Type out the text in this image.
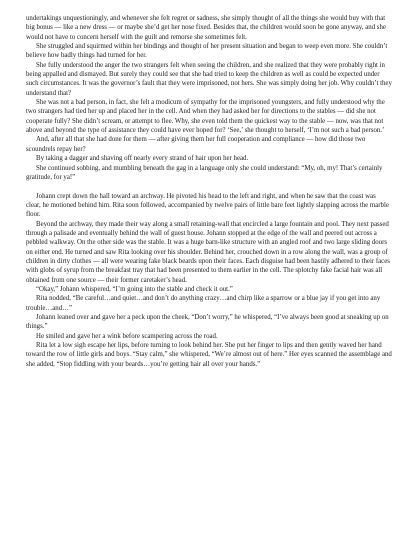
undertakings unquestioningly, and whenever she felt regret or sadness, she simply thought of all the things she would buy with that big bonus — like a new dress — or maybe she’d get her nose fixed. Besides that, the children would soon be gone anyway, and she would not have to concern herself with the guilt and remorse she sometimes felt.

She struggled and squirmed within her bindings and thought of her present situation and began to weep even more. She couldn’t believe how badly things had turned for her.

She fully understood the anger the two strangers felt when seeing the children, and she realized that they were probably right in being appalled and dismayed. But surely they could see that she had tried to keep the children as well as could be expected under such circumstances. It was the governor’s fault that they were imprisoned, not hers. She was simply doing her job. Why couldn’t they understand that?

She was not a bad person, in fact, she felt a modicum of sympathy for the imprisoned youngsters, and fully understood why the two strangers had tied her up and placed her in the cell. And when they had asked her for directions to the stables — did she not cooperate fully? She didn’t scream, or attempt to flee. Why, she even told them the quickest way to the stable — now, was that not above and beyond the type of assistance they could have ever hoped for? ‘See,’ she thought to herself, ‘I’m not such a bad person.’

And, after all that she had done for them — after giving them her full cooperation and compliance — how did those two scoundrels repay her?

By taking a dagger and shaving off nearly every strand of hair upon her head.

She continued sobbing, and mumbling beneath the gag in a language only she could understand: “My, oh, my! That’s certainly gratitude, for ya!”

Johann crept down the hall toward an archway. He pivoted his head to the left and right, and when he saw that the coast was clear, he motioned behind him. Rita soon followed, accompanied by twelve pairs of little bare feet lightly slapping across the marble floor.

Beyond the archway, they made their way along a small retaining-wall that encircled a large fountain and pool. They next passed through a palisade and eventually behind the wall of guest house. Johann stopped at the edge of the wall and peered out across a pebbled walkway. On the other side was the stable. It was a huge barn-like structure with an angled roof and two large sliding doors on either end. He turned and saw Rita looking over his shoulder. Behind her, crouched down in a row along the wall, was a group of children in dirty clothes — all were wearing fake black beards upon their faces. Each disguise had been hastily adhered to their faces with globs of syrup from the breakfast tray that had been presented to them earlier in the cell. The splotchy fake facial hair was all obtained from one source — their former caretaker’s head.

“Okay,” Johann whispered, “I’m going into the stable and check it out.”

Rita nodded, “Be careful…and quiet…and don’t do anything crazy…and chirp like a sparrow or a blue jay if you get into any trouble…and…”

Johann leaned over and gave her a peck upon the cheek, “Don’t worry,” he whispered, “I’ve always been good at sneaking up on things.”

He smiled and gave her a wink before scampering across the road.

Rita let a low sigh escape her lips, before turning to look behind her. She put her finger to lips and then gently waved her hand toward the row of little girls and boys. “Stay calm,” she whispered, “We’re almost out of here.” Her eyes scanned the assemblage and she added, “Stop fiddling with your beards…you’re getting hair all over your hands.”
